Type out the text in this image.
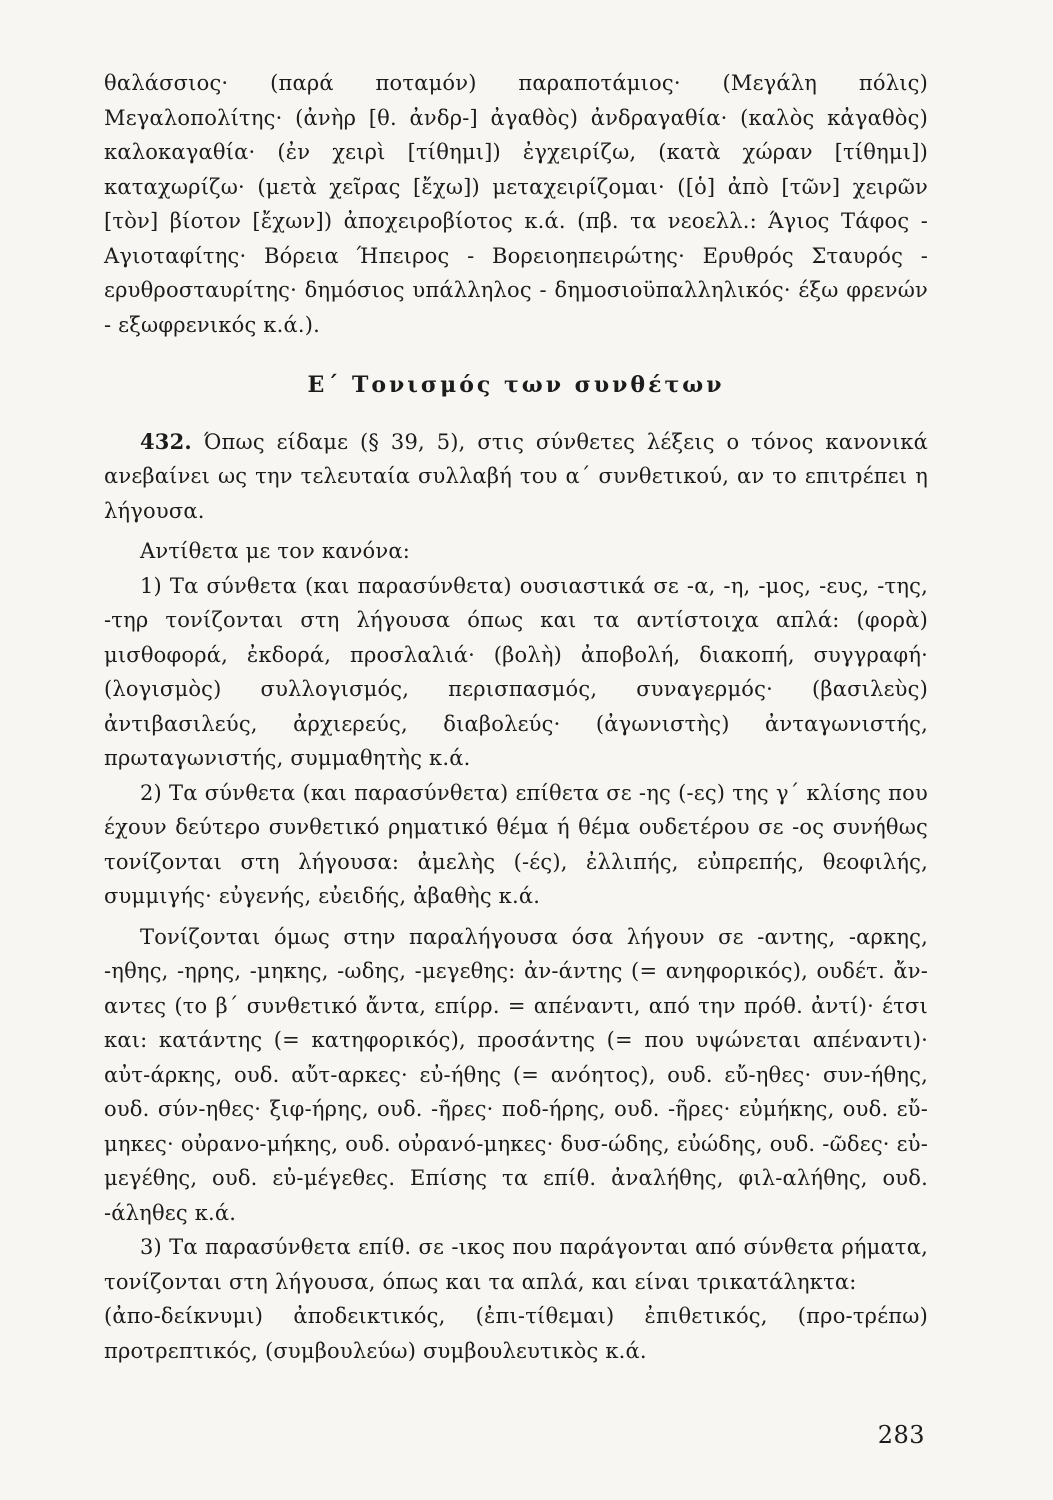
θαλάσσιος· (παρά ποταμόν) παραποτάμιος· (Μεγάλη πόλις) Μεγαλοπολίτης· (ἀνὴρ [θ. ἀνδρ-] ἀγαθὸς) ἀνδραγαθία· (καλὸς κἀγαθὸς) καλοκαγαθία· (ἐν χειρὶ [τίθημι]) ἐγχειρίζω, (κατὰ χώραν [τίθημι]) καταχωρίζω· (μετὰ χεῖρας [ἔχω]) μεταχειρίζομαι· ([ὁ] ἀπὸ [τῶν] χειρῶν [τὸν] βίοτον [ἔχων]) ἀποχειροβίοτος κ.ά. (πβ. τα νεοελλ.: Άγιος Τάφος - Αγιοταφίτης· Βόρεια Ήπειρος - Βορειοηπειρώτης· Ερυθρός Σταυρός - ερυθροσταυρίτης· δημόσιος υπάλληλος - δημοσιοϋπαλληλικός· έξω φρενών - εξωφρενικός κ.ά.).

Ε΄ Τονισμός των συνθέτων

432. Όπως είδαμε (§ 39, 5), στις σύνθετες λέξεις ο τόνος κανονικά ανεβαίνει ως την τελευταία συλλαβή του α΄ συνθετικού, αν το επιτρέπει η λήγουσα.

Αντίθετα με τον κανόνα:

1) Τα σύνθετα (και παρασύνθετα) ουσιαστικά σε -α, -η, -μος, -ευς, -της, -τηρ τονίζονται στη λήγουσα όπως και τα αντίστοιχα απλά: (φορὰ) μισθοφορά, ἐκδορά, προσλαλιά· (βολὴ) ἀποβολή, διακοπή, συγγραφή· (λογισμὸς) συλλογισμός, περισπασμός, συναγερμός· (βασιλεὺς) ἀντιβασιλεύς, ἀρχιερεύς, διαβολεύς· (ἀγωνιστὴς) ἀνταγωνιστής, πρωταγωνιστής, συμμαθητὴς κ.ά.

2) Τα σύνθετα (και παρασύνθετα) επίθετα σε -ης (-ες) της γ΄ κλίσης που έχουν δεύτερο συνθετικό ρηματικό θέμα ή θέμα ουδετέρου σε -ος συνήθως τονίζονται στη λήγουσα: ἀμελὴς (-ές), ἐλλιπής, εὐπρεπής, θεοφιλής, συμμιγής· εὐγενής, εὐειδής, ἀβαθὴς κ.ά.

Τονίζονται όμως στην παραλήγουσα όσα λήγουν σε -αντης, -αρκης, -ηθης, -ηρης, -μηκης, -ωδης, -μεγεθης: ἀν-άντης (= ανηφορικός), ουδέτ. ἄν-αντες (το β΄ συνθετικό ἄντα, επίρρ. = απέναντι, από την πρόθ. ἀντί)· έτσι και: κατάντης (= κατηφορικός), προσάντης (= που υψώνεται απέναντι)· αὐτ-άρκης, ουδ. αὔτ-αρκες· εὐ-ήθης (= ανόητος), ουδ. εὔ-ηθες· συν-ήθης, ουδ. σύν-ηθες· ξιφ-ήρης, ουδ. -ῆρες· ποδ-ήρης, ουδ. -ῆρες· εὐμήκης, ουδ. εὔ-μηκες· οὐρανο-μήκης, ουδ. οὐρανό-μηκες· δυσ-ώδης, εὐώδης, ουδ. -ῶδες· εὐ-μεγέθης, ουδ. εὐ-μέγεθες. Επίσης τα επίθ. ἀναλήθης, φιλ-αλήθης, ουδ. -άληθες κ.ά.

3) Τα παρασύνθετα επίθ. σε -ικος που παράγονται από σύνθετα ρήματα, τονίζονται στη λήγουσα, όπως και τα απλά, και είναι τρικατάληκτα:

(ἀπο-δείκνυμι) ἀποδεικτικός, (ἐπι-τίθεμαι) ἐπιθετικός, (προ-τρέπω) προτρεπτικός, (συμβουλεύω) συμβουλευτικὸς κ.ά.

283
